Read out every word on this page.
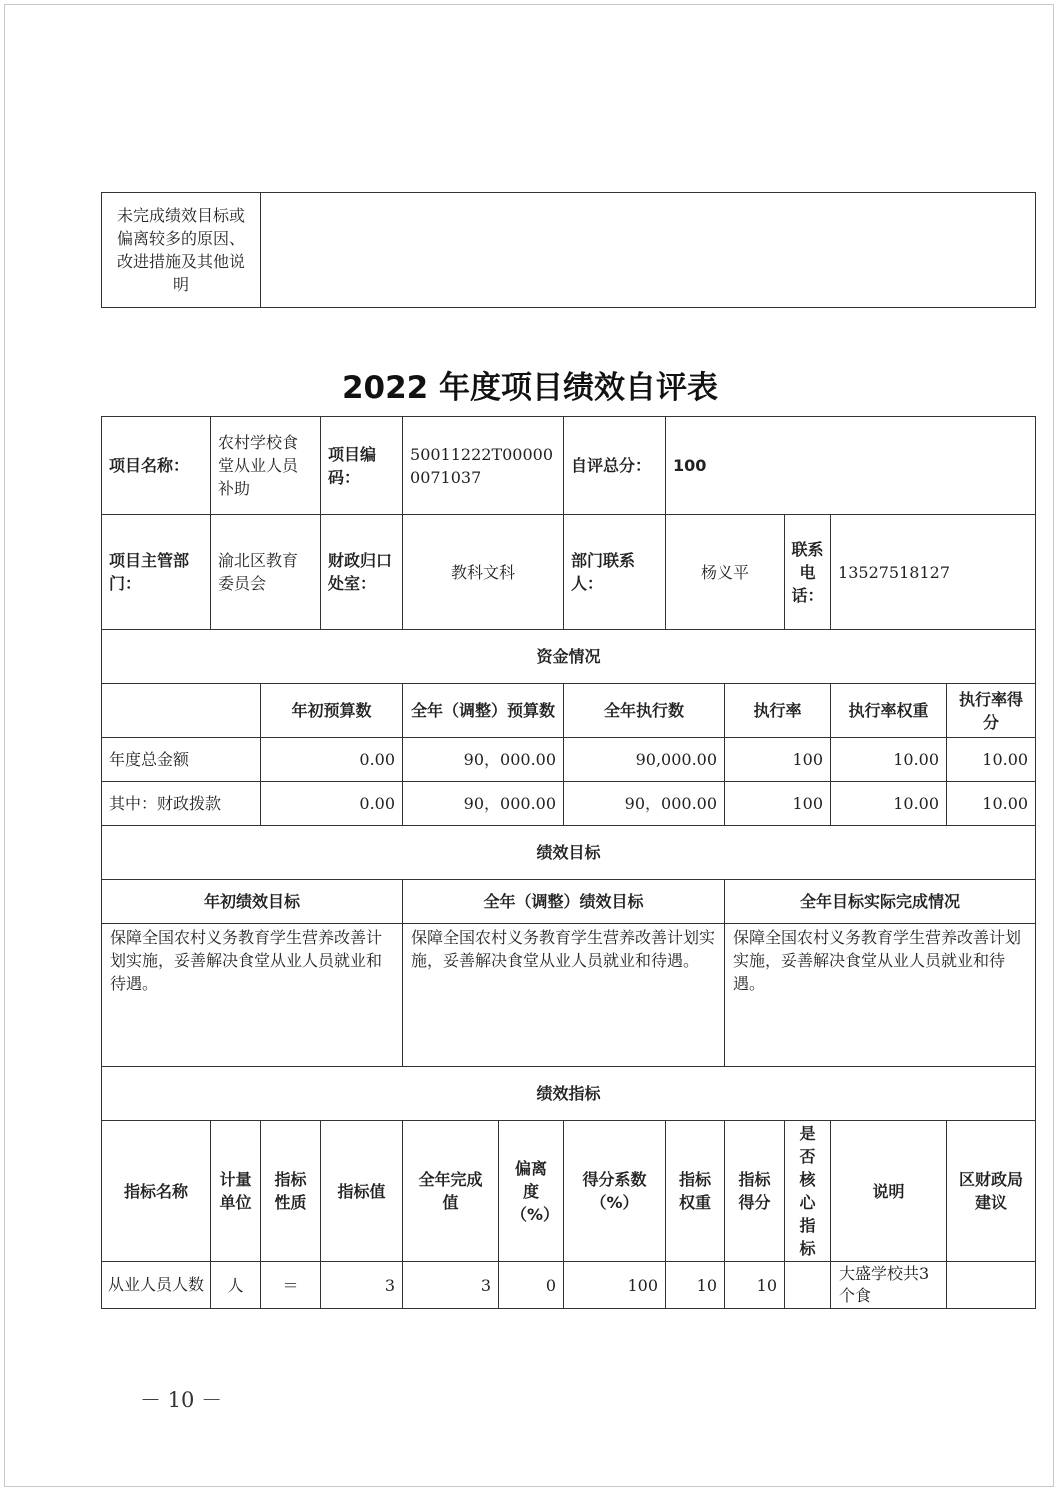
未完成绩效目标或偏离较多的原因、改进措施及其他说明	
2022 年度项目绩效自评表
项目名称：	农村学校食堂从业人员补助		项目编码：	50011222T000000071037		自评总分：	100				
项目主管部门：	渝北区教育委员会		财政归口处室：	教科文科		部门联系人：	杨义平		联系电话：	13527518127	
资金情况											
		年初预算数		全年（调整）预算数		全年执行数		执行率		执行率权重	执行率得分
年度总金额		0.00		90，000.00		90,000.00		100		10.00	10.00
其中：财政拨款		0.00		90，000.00		90，000.00		100		10.00	10.00
绩效目标											
年初绩效目标				全年（调整）绩效目标				全年目标实际完成情况			
保障全国农村义务教育学生营养改善计划实施，妥善解决食堂从业人员就业和待遇。				保障全国农村义务教育学生营养改善计划实施，妥善解决食堂从业人员就业和待遇。				保障全国农村义务教育学生营养改善计划实施，妥善解决食堂从业人员就业和待遇。			
绩效指标											
指标名称	计量单位	指标性质	指标值	全年完成值	偏离度（%）	得分系数（%）	指标权重	指标得分	是否核心指标	说明	区财政局建议
从业人员人数	人	＝	3	3	0	100	10	10		大盛学校共3个食	
－ 10 －
